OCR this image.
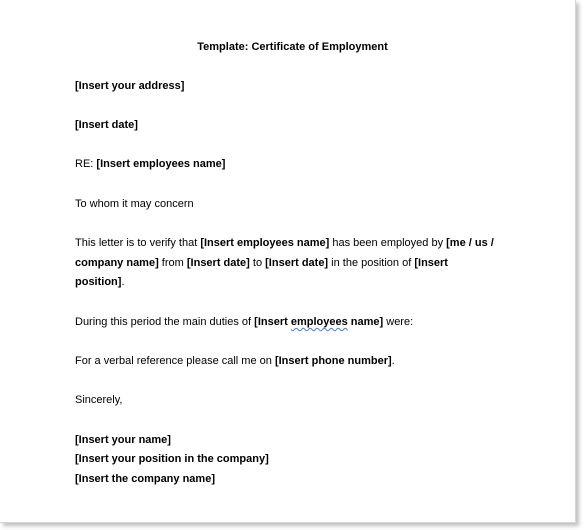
Template: Certificate of Employment
[Insert your address]
[Insert date]
RE: [Insert employees name]
To whom it may concern
This letter is to verify that [Insert employees name] has been employed by [me / us /
company name] from [Insert date] to [Insert date] in the position of [Insert
position].
During this period the main duties of [Insert employees name] were:
For a verbal reference please call me on [Insert phone number].
Sincerely,
[Insert your name]
[Insert your position in the company]
[Insert the company name]
